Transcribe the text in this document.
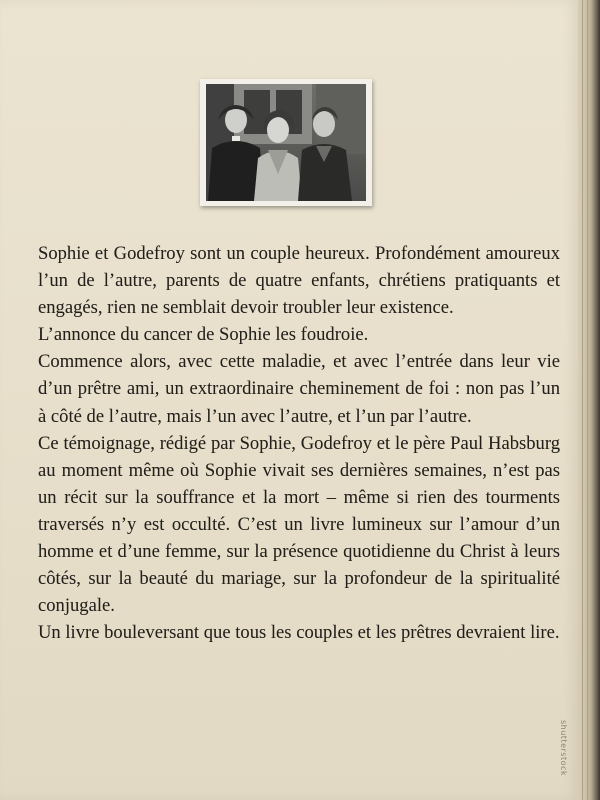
Sophie et Godefroy sont un couple heureux. Profondément amoureux l’un de l’autre, parents de quatre enfants, chrétiens pratiquants et engagés, rien ne semblait devoir troubler leur existence.

L’annonce du cancer de Sophie les foudroie.

Commence alors, avec cette maladie, et avec l’entrée dans leur vie d’un prêtre ami, un extraordinaire cheminement de foi : non pas l’un à côté de l’autre, mais l’un avec l’autre, et l’un par l’autre.

Ce témoignage, rédigé par Sophie, Godefroy et le père Paul Habsburg au moment même où Sophie vivait ses dernières semaines, n’est pas un récit sur la souffrance et la mort – même si rien des tourments traversés n’y est occulté. C’est un livre lumineux sur l’amour d’un homme et d’une femme, sur la présence quotidienne du Christ à leurs côtés, sur la beauté du mariage, sur la profondeur de la spiritualité conjugale.

Un livre bouleversant que tous les couples et les prêtres devraient lire.

shutterstock
